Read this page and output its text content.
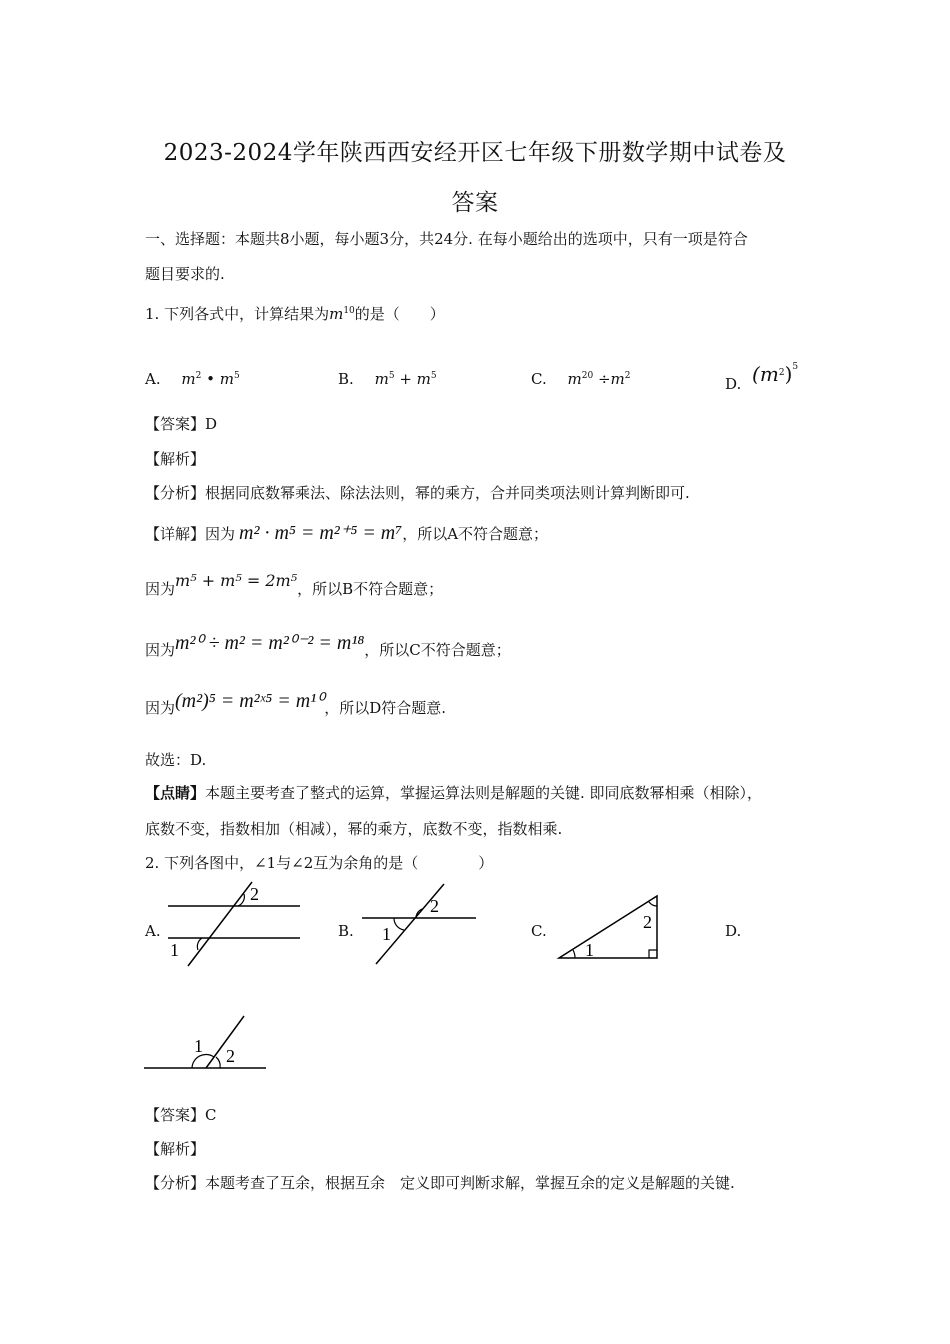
2023-2024学年陕西西安经开区七年级下册数学期中试卷及
答案
一、选择题：本题共8小题，每小题3分，共24分. 在每小题给出的选项中，只有一项是符合
题目要求的.
1. 下列各式中，计算结果为$m^{10}$的是（　　）
A. $m^2$ • $m^5$	B. $m^5 + m^5$	C. $m^{20} \div m^2$	D. $(m^2)^5$
【答案】D
【解析】
【分析】根据同底数幂乘法、除法法则，幂的乘方，合并同类项法则计算判断即可.
【详解】因为 m² · m⁵ = m²⁺⁵ = m⁷，所以A不符合题意；
因为m⁵ + m⁵ = 2m⁵，所以B不符合题意；
因为m²⁰ ÷ m² = m²⁰⁻² = m¹⁸，所以C不符合题意；
因为(m²)⁵ = m²ˣ⁵ = m¹⁰，所以D符合题意.
故选：D.
【点睛】本题主要考查了整式的运算，掌握运算法则是解题的关键. 即同底数幂相乘（相除），
底数不变，指数相加（相减），幂的乘方，底数不变，指数相乘.
2. 下列各图中，∠1与∠2互为余角的是（　　　　）
A.	B.	C.	D.
2
1
2
1
1
2
1 2
【答案】C
【解析】
【分析】本题考查了互余，根据互余　定义即可判断求解，掌握互余的定义是解题的关键.
